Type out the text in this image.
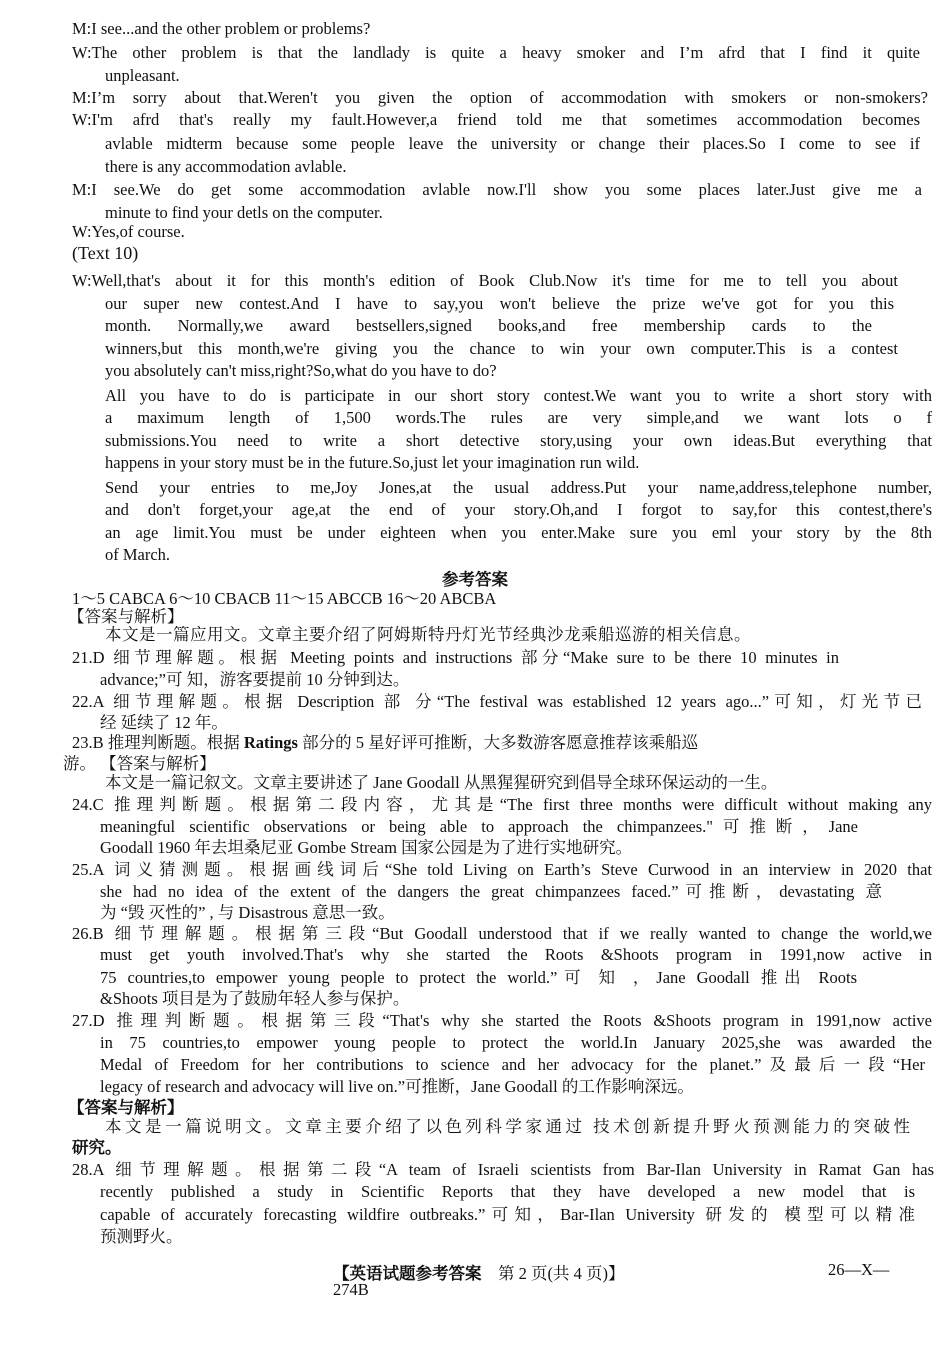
M:I see...and the other problem or problems?
W:The other problem is that the landlady is quite a heavy smoker and I’m afrd that I find it quite
unpleasant.
M:I’m sorry about that.Weren't you given the option of accommodation with smokers or non-smokers?
W:I'm afrd that's really my fault.However,a friend told me that sometimes accommodation becomes
avlable midterm because some people leave the university or change their places.So I come to see if
there is any accommodation avlable.
M:I see.We do get some accommodation avlable now.I'll show you some places later.Just give me a
minute to find your detls on the computer.
W:Yes,of course.
(Text 10)
W:Well,that's about it for this month's edition of Book Club.Now it's time for me to tell you about
our super new contest.And I have to say,you won't believe the prize we've got for you this
month. Normally,we award bestsellers,signed books,and free membership cards to the
winners,but this month,we're giving you the chance to win your own computer.This is a contest
you absolutely can't miss,right?So,what do you have to do?
All you have to do is participate in our short story contest.We want you to write a short story with
a maximum length of 1,500 words.The rules are very simple,and we want lots o f
submissions.You need to write a short detective story,using your own ideas.But everything that
happens in your story must be in the future.So,just let your imagination run wild.
Send your entries to me,Joy Jones,at the usual address.Put your name,address,telephone number,
and don't forget,your age,at the end of your story.Oh,and I forgot to say,for this contest,there's
an age limit.You must be under eighteen when you enter.Make sure you eml your story by the 8th
of March.
参考答案
1～5 CABCA 6～10 CBACB 11～15 ABCCB 16～20 ABCBA
【答案与解析】
本文是一篇应用文。文章主要介绍了阿姆斯特丹灯光节经典沙龙乘船巡游的相关信息。
21.D 细节理解题。根据 Meeting points and instructions 部分“Make sure to be there 10 minutes in
advance;”可 知，游客要提前 10 分钟到达。
22.A 细节理解题。根据 Description 部 分“The festival was established 12 years ago...”可知，灯光节已
经 延续了 12 年。
23.B 推理判断题。根据 Ratings 部分的 5 星好评可推断，大多数游客愿意推荐该乘船巡
游。 【答案与解析】
本文是一篇记叙文。文章主要讲述了 Jane Goodall 从黑猩猩研究到倡导全球环保运动的一生。
24.C 推理判断题。根据第二段内容，尤其是“The first three months were difficult without making any
meaningful scientific observations or being able to approach the chimpanzees."可推断，Jane
Goodall 1960 年去坦桑尼亚 Gombe Stream 国家公园是为了进行实地研究。
25.A 词义猜测题。根据画线词后“She told Living on Earth’s Steve Curwood in an interview in 2020 that
she had no idea of the extent of the dangers the great chimpanzees faced.”可推断，devastating 意
为 “毁 灭性的” , 与 Disastrous 意思一致。
26.B 细节理解题。根据第三段“But Goodall understood that if we really wanted to change the world,we
must get youth involved.That's why she started the Roots &Shoots program in 1991,now active in
75 countries,to empower young people to protect the world.”可 知 ，Jane Goodall 推出 Roots
&Shoots 项目是为了鼓励年轻人参与保护。
27.D 推理判断题。根据第三段“That's why she started the Roots &Shoots program in 1991,now active
in 75 countries,to empower young people to protect the world.In January 2025,she was awarded the
Medal of Freedom for her contributions to science and her advocacy for the planet.”及最后一段“Her
legacy of research and advocacy will live on.”可推断，Jane Goodall 的工作影响深远。
【答案与解析】
本文是一篇说明文。文章主要介绍了以色列科学家通过 技术创新提升野火预测能力的突破性
研究。
28.A 细节理解题。根据第二段“A team of Israeli scientists from Bar-Ilan University in Ramat Gan has
recently published a study in Scientific Reports that they have developed a new model that is
capable of accurately forecasting wildfire outbreaks.”可知，Bar-Ilan University 研发的 模型可以精准
预测野火。
【英语试题参考答案 第 2 页(共 4 页)】	26—X—
274B
